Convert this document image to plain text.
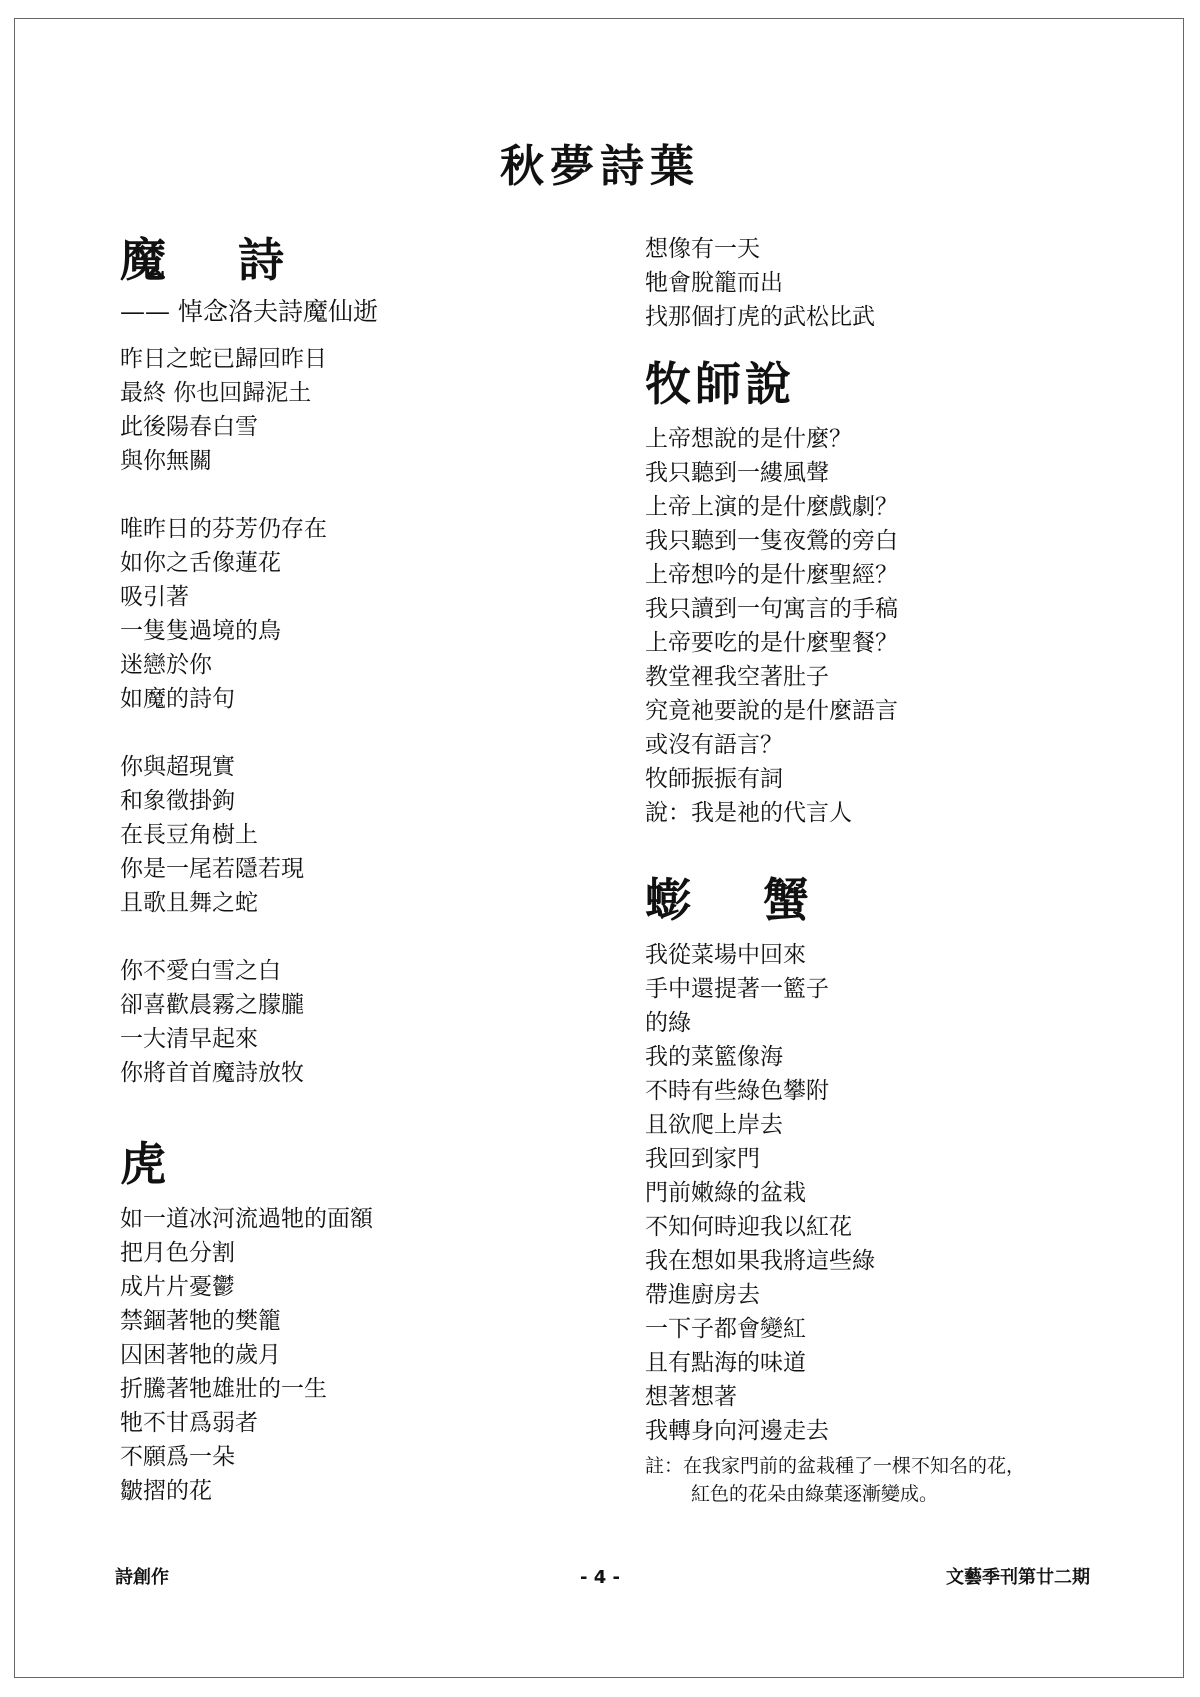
秋夢詩葉
魔 詩
—— 悼念洛夫詩魔仙逝
昨日之蛇已歸回昨日
最終 你也回歸泥土
此後陽春白雪
與你無關
唯昨日的芬芳仍存在
如你之舌像蓮花
吸引著
一隻隻過境的鳥
迷戀於你
如魔的詩句
你與超現實
和象徵掛鉤
在長豆角樹上
你是一尾若隱若現
且歌且舞之蛇
你不愛白雪之白
卻喜歡晨霧之朦朧
一大清早起來
你將首首魔詩放牧
虎
如一道冰河流過牠的面額
把月色分割
成片片憂鬱
禁錮著牠的樊籠
囚困著牠的歲月
折騰著牠雄壯的一生
牠不甘爲弱者
不願爲一朵
皺摺的花
想像有一天
牠會脫籠而出
找那個打虎的武松比武
牧師說
上帝想說的是什麼？
我只聽到一縷風聲
上帝上演的是什麼戲劇？
我只聽到一隻夜鶯的旁白
上帝想吟的是什麼聖經？
我只讀到一句寓言的手稿
上帝要吃的是什麼聖餐？
教堂裡我空著肚子
究竟祂要說的是什麼語言
或沒有語言？
牧師振振有詞
說：我是祂的代言人
蟛 蟹
我從菜場中回來
手中還提著一籃子
的綠
我的菜籃像海
不時有些綠色攀附
且欲爬上岸去
我回到家門
門前嫩綠的盆栽
不知何時迎我以紅花
我在想如果我將這些綠
帶進廚房去
一下子都會變紅
且有點海的味道
想著想著
我轉身向河邊走去
註：在我家門前的盆栽種了一棵不知名的花，
紅色的花朵由綠葉逐漸變成。
詩創作	- 4 -	文藝季刊第廿二期
